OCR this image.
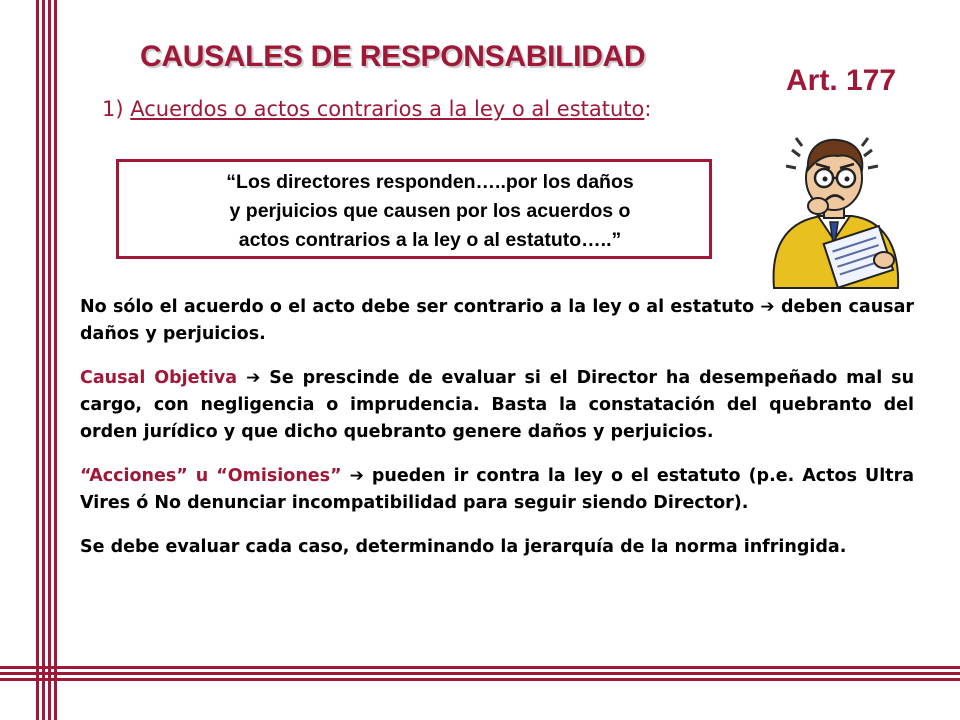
CAUSALES DE RESPONSABILIDAD
Art. 177
1) Acuerdos o actos contrarios a la ley o al estatuto:

“Los directores responden…..por los daños
y perjuicios que causen por los acuerdos o
actos contrarios a la ley o al estatuto…..”

No sólo el acuerdo o el acto debe ser contrario a la ley o al estatuto ➔ deben causar daños y perjuicios.

Causal Objetiva ➔ Se prescinde de evaluar si el Director ha desempeñado mal su cargo, con negligencia o imprudencia. Basta la constatación del quebranto del orden jurídico y que dicho quebranto genere daños y perjuicios.

“Acciones” u “Omisiones” ➔ pueden ir contra la ley o el estatuto (p.e. Actos Ultra Vires ó No denunciar incompatibilidad para seguir siendo Director).

Se debe evaluar cada caso, determinando la jerarquía de la norma infringida.
